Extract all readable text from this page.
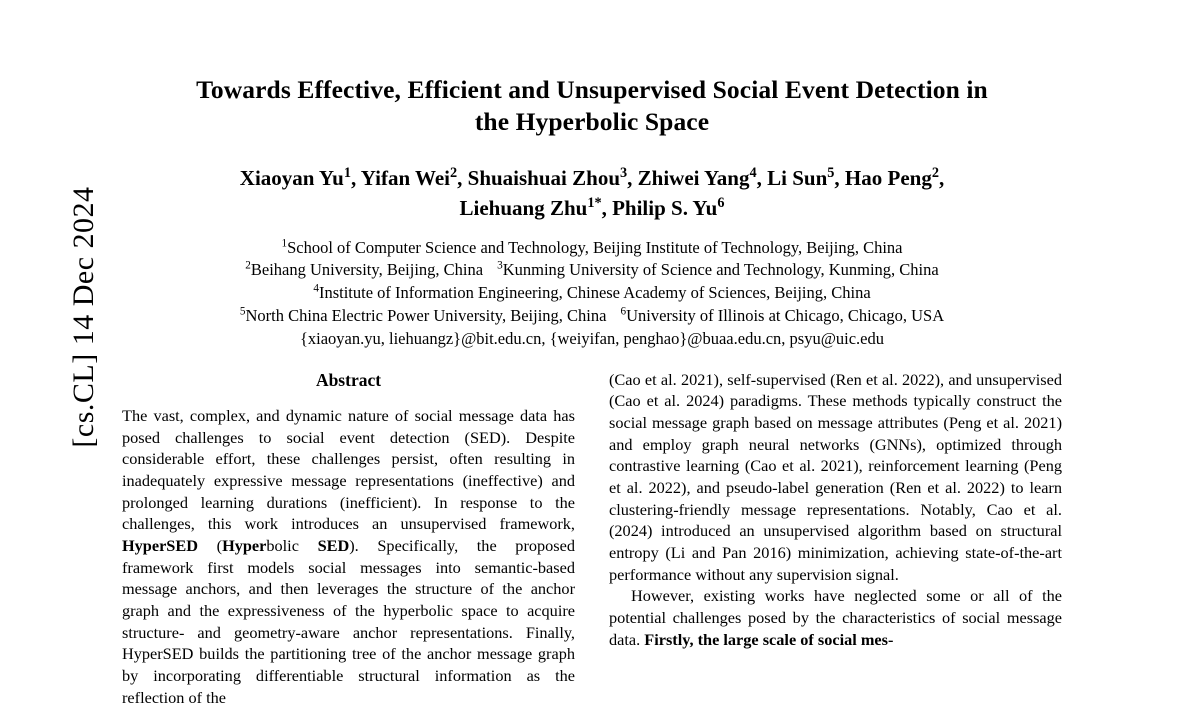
[cs.CL] 14 Dec 2024
Towards Effective, Efficient and Unsupervised Social Event Detection in the Hyperbolic Space
Xiaoyan Yu$^1$, Yifan Wei$^2$, Shuaishuai Zhou$^3$, Zhiwei Yang$^4$, Li Sun$^5$, Hao Peng$^2$,
Liehuang Zhu$^{1*}$, Philip S. Yu$^6$
$^1$School of Computer Science and Technology, Beijing Institute of Technology, Beijing, China
$^2$Beihang University, Beijing, China $^3$Kunming University of Science and Technology, Kunming, China
$^4$Institute of Information Engineering, Chinese Academy of Sciences, Beijing, China
$^5$North China Electric Power University, Beijing, China $^6$University of Illinois at Chicago, Chicago, USA
{xiaoyan.yu, liehuangz}@bit.edu.cn, {weiyifan, penghao}@buaa.edu.cn, psyu@uic.edu
Abstract

The vast, complex, and dynamic nature of social message data has posed challenges to social event detection (SED). Despite considerable effort, these challenges persist, often resulting in inadequately expressive message representations (ineffective) and prolonged learning durations (inefficient). In response to the challenges, this work introduces an unsupervised framework, HyperSED (Hyperbolic SED). Specifically, the proposed framework first models social messages into semantic-based message anchors, and then leverages the structure of the anchor graph and the expressiveness of the hyperbolic space to acquire structure- and geometry-aware anchor representations. Finally, HyperSED builds the partitioning tree of the anchor message graph by incorporating differentiable structural information as the reflection of the

(Cao et al. 2021), self-supervised (Ren et al. 2022), and unsupervised (Cao et al. 2024) paradigms. These methods typically construct the social message graph based on message attributes (Peng et al. 2021) and employ graph neural networks (GNNs), optimized through contrastive learning (Cao et al. 2021), reinforcement learning (Peng et al. 2022), and pseudo-label generation (Ren et al. 2022) to learn clustering-friendly message representations. Notably, Cao et al. (2024) introduced an unsupervised algorithm based on structural entropy (Li and Pan 2016) minimization, achieving state-of-the-art performance without any supervision signal.

However, existing works have neglected some or all of the potential challenges posed by the characteristics of social message data. Firstly, the large scale of social mes-
